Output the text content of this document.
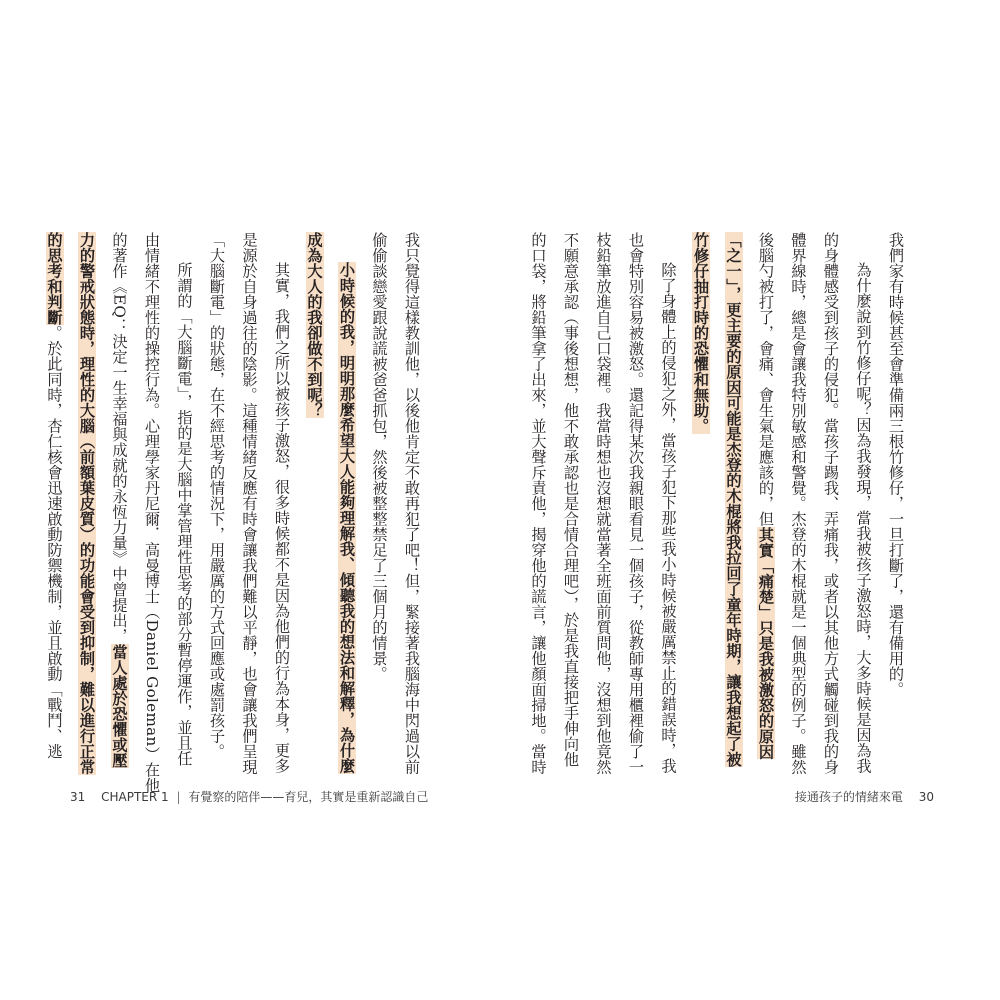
我只覺得這樣教訓他，以後他肯定不敢再犯了吧！但，緊接著我腦海中閃過以前

偷偷談戀愛跟說謊被爸爸抓包，然後被整整禁足了三個月的情景。

小時候的我，明明那麼希望大人能夠理解我、傾聽我的想法和解釋，為什麼

成為大人的我卻做不到呢？

其實，我們之所以被孩子激怒，很多時候都不是因為他們的行為本身，更多

是源於自身過往的陰影。這種情緒反應有時會讓我們難以平靜，也會讓我們呈現

「大腦斷電」的狀態，在不經思考的情況下，用嚴厲的方式回應或處罰孩子。

所謂的「大腦斷電」，指的是大腦中掌管理性思考的部分暫停運作，並且任

由情緒不理性的操控行為。心理學家丹尼爾．高曼博士（Daniel Goleman）在他

的著作《EQ：決定一生幸福與成就的永恆力量》中曾提出，當人處於恐懼或壓

力的警戒狀態時，理性的大腦（前額葉皮質）的功能會受到抑制，難以進行正常

的思考和判斷。於此同時，杏仁核會迅速啟動防禦機制，並且啟動「戰鬥、逃

31 CHAPTER 1 | 有覺察的陪伴——育兒，其實是重新認識自己

我們家有時候甚至會準備兩三根竹修仔，一旦打斷了，還有備用的。

為什麼說到竹修仔呢？因為我發現，當我被孩子激怒時，大多時候是因為我

的身體感受到孩子的侵犯。當孩子踢我、弄痛我，或者以其他方式觸碰到我的身

體界線時，總是會讓我特別敏感和警覺。杰登的木棍就是一個典型的例子。雖然

後腦勺被打了，會痛、會生氣是應該的，但其實「痛楚」只是我被激怒的原因

「之一」，更主要的原因可能是杰登的木棍將我拉回了童年時期，讓我想起了被

竹修仔抽打時的恐懼和無助。

除了身體上的侵犯之外，當孩子犯下那些我小時候被嚴厲禁止的錯誤時，我

也會特別容易被激怒。還記得某次我親眼看見一個孩子，從教師專用櫃裡偷了一

枝鉛筆放進自己口袋裡。我當時想也沒想就當著全班面前質問他，沒想到他竟然

不願意承認（事後想想，他不敢承認也是合情合理吧），於是我直接把手伸向他

的口袋，將鉛筆拿了出來，並大聲斥責他，揭穿他的謊言，讓他顏面掃地。當時

接通孩子的情緒來電 30
